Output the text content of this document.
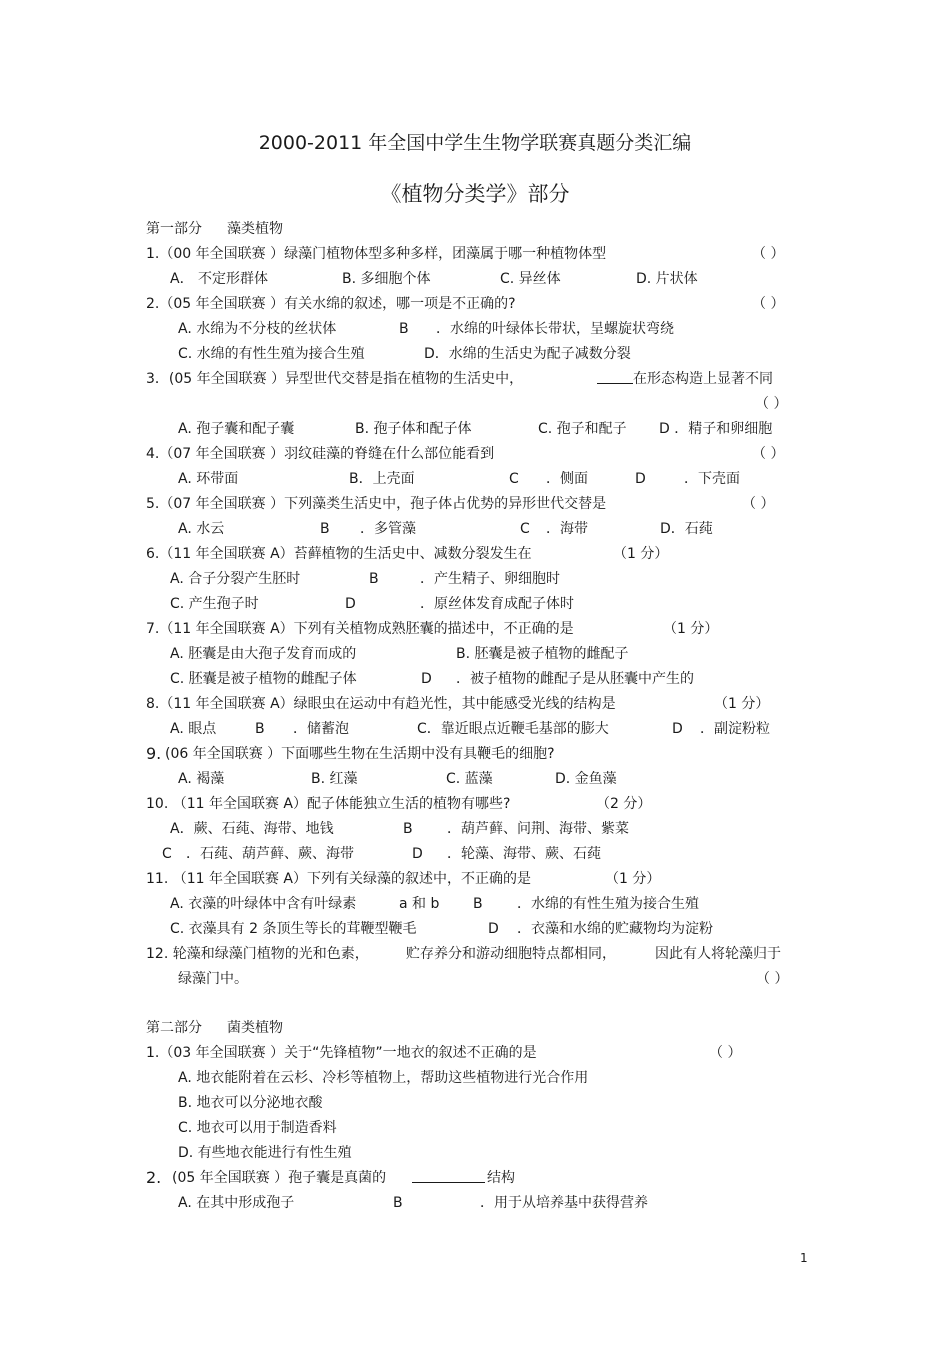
2000-2011 年全国中学生生物学联赛真题分类汇编
《植物分类学》部分
第一部分 藻类植物
1.（00 年全国联赛 ）绿藻门植物体型多种多样，团藻属于哪一种植物体型	（ ）
A． 不定形群体	B. 多细胞个体	C. 异丝体	D. 片状体
2.（05 年全国联赛 ）有关水绵的叙述，哪一项是不正确的?	（ ）
A. 水绵为不分枝的丝状体	B ．水绵的叶绿体长带状，呈螺旋状弯绕
C. 水绵的有性生殖为接合生殖	D．水绵的生活史为配子减数分裂
3．(05 年全国联赛 ）异型世代交替是指在植物的生活史中，	在形态构造上显著不同
（ ）
A. 孢子囊和配子囊	B. 孢子体和配子体	C. 孢子和配子 D ．精子和卵细胞
4.（07 年全国联赛 ）羽纹硅藻的脊缝在什么部位能看到	（ ）
A. 环带面	B．上壳面	C ．侧面	D	．下壳面
5.（07 年全国联赛 ）下列藻类生活史中，孢子体占优势的异形世代交替是	（ ）
A. 水云	B ．多管藻	C ．海带	D．石莼
6.（11 年全国联赛 A）苔藓植物的生活史中、减数分裂发生在	（1 分）
A. 合子分裂产生胚时	B	．产生精子、卵细胞时
C. 产生孢子时	D	．原丝体发育成配子体时
7.（11 年全国联赛 A）下列有关植物成熟胚囊的描述中，不正确的是	（1 分）
A. 胚囊是由大孢子发育而成的	B. 胚囊是被子植物的雌配子
C. 胚囊是被子植物的雌配子体	D ．被子植物的雌配子是从胚囊中产生的
8.（11 年全国联赛 A）绿眼虫在运动中有趋光性，其中能感受光线的结构是	（1 分）
A. 眼点	B ．储蓄泡	C．靠近眼点近鞭毛基部的膨大	D ．副淀粉粒
9. (06 年全国联赛 ）下面哪些生物在生活期中没有具鞭毛的细胞?
A. 褐藻	B. 红藻	C. 蓝藻	D. 金鱼藻
10. （11 年全国联赛 A）配子体能独立生活的植物有哪些?	（2 分）
A．蕨、石莼、海带、地钱	B ．葫芦藓、问荆、海带、紫菜
C ．石莼、葫芦藓、蕨、海带	D ．轮藻、海带、蕨、石莼
11. （11 年全国联赛 A）下列有关绿藻的叙述中，不正确的是	（1 分）
A. 衣藻的叶绿体中含有叶绿素	a 和 b B ．水绵的有性生殖为接合生殖
C. 衣藻具有 2 条顶生等长的茸鞭型鞭毛	D ．衣藻和水绵的贮藏物均为淀粉
12. 轮藻和绿藻门植物的光和色素，	贮存养分和游动细胞特点都相同，	因此有人将轮藻归于
绿藻门中。	（ ）
第二部分 菌类植物
1.（03 年全国联赛 ）关于“先锋植物”一地衣的叙述不正确的是	（ ）
A. 地衣能附着在云杉、冷杉等植物上，帮助这些植物进行光合作用
B. 地衣可以分泌地衣酸
C. 地衣可以用于制造香料
D. 有些地衣能进行有性生殖
2. (05 年全国联赛 ）孢子囊是真菌的	结构
A. 在其中形成孢子	B	．用于从培养基中获得营养
1
